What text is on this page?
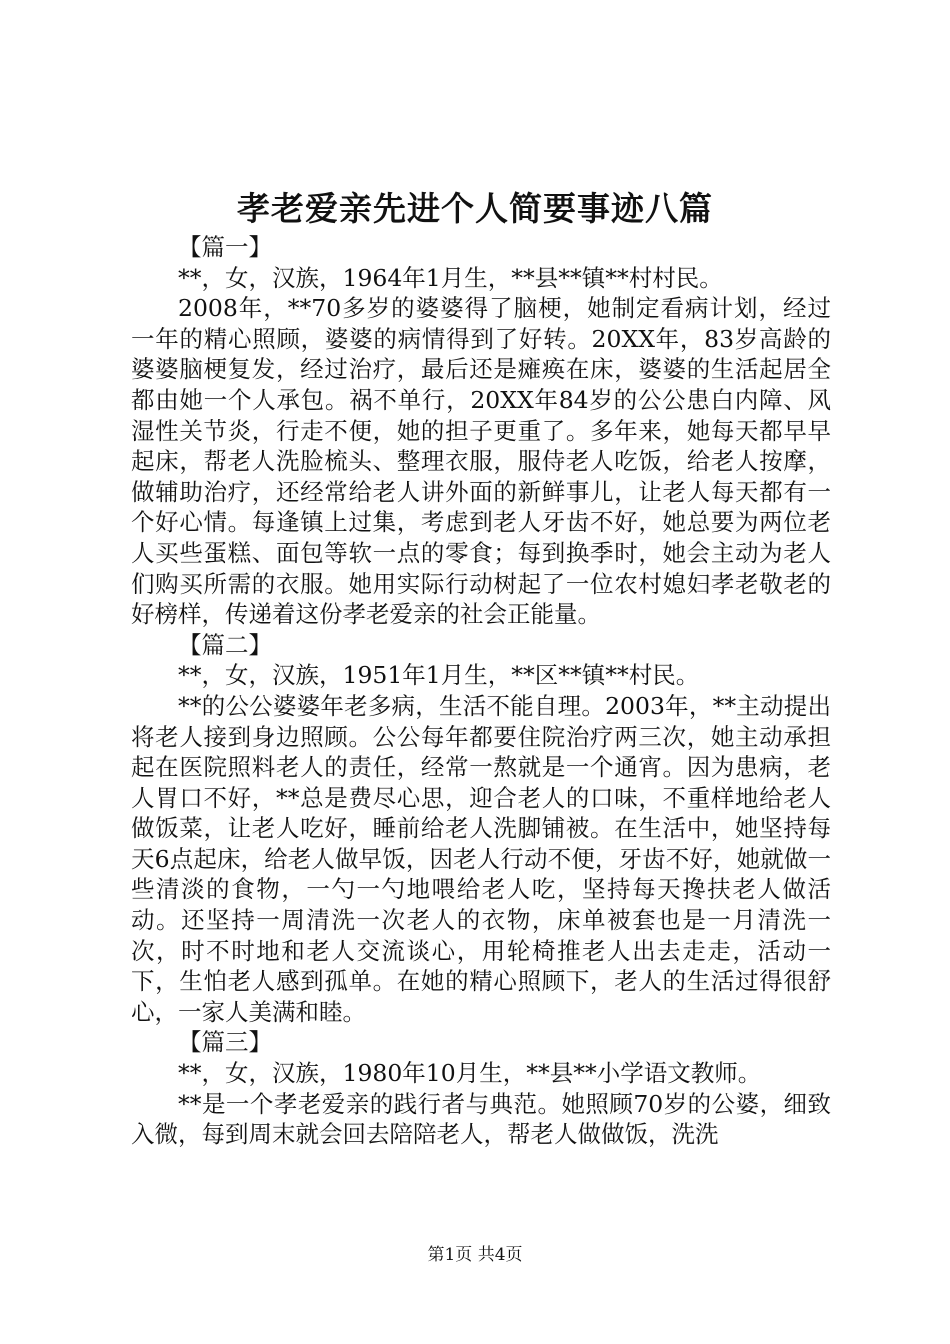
孝老爱亲先进个人简要事迹八篇

【篇一】

**，女，汉族，1964年1月生，**县**镇**村村民。

2008年，**70多岁的婆婆得了脑梗，她制定看病计划，经过一年的精心照顾，婆婆的病情得到了好转。20XX年，83岁高龄的婆婆脑梗复发，经过治疗，最后还是瘫痪在床，婆婆的生活起居全都由她一个人承包。祸不单行，20XX年84岁的公公患白内障、风湿性关节炎，行走不便，她的担子更重了。多年来，她每天都早早起床，帮老人洗脸梳头、整理衣服，服侍老人吃饭，给老人按摩，做辅助治疗，还经常给老人讲外面的新鲜事儿，让老人每天都有一个好心情。每逢镇上过集，考虑到老人牙齿不好，她总要为两位老人买些蛋糕、面包等软一点的零食；每到换季时，她会主动为老人们购买所需的衣服。她用实际行动树起了一位农村媳妇孝老敬老的好榜样，传递着这份孝老爱亲的社会正能量。

【篇二】

**，女，汉族，1951年1月生，**区**镇**村民。

**的公公婆婆年老多病，生活不能自理。2003年，**主动提出将老人接到身边照顾。公公每年都要住院治疗两三次，她主动承担起在医院照料老人的责任，经常一熬就是一个通宵。因为患病，老人胃口不好，**总是费尽心思，迎合老人的口味，不重样地给老人做饭菜，让老人吃好，睡前给老人洗脚铺被。在生活中，她坚持每天6点起床，给老人做早饭，因老人行动不便，牙齿不好，她就做一些清淡的食物，一勺一勺地喂给老人吃，坚持每天搀扶老人做活动。还坚持一周清洗一次老人的衣物，床单被套也是一月清洗一次，时不时地和老人交流谈心，用轮椅推老人出去走走，活动一下，生怕老人感到孤单。在她的精心照顾下，老人的生活过得很舒心，一家人美满和睦。

【篇三】

**，女，汉族，1980年10月生，**县**小学语文教师。

**是一个孝老爱亲的践行者与典范。她照顾70岁的公婆，细致入微，每到周末就会回去陪陪老人，帮老人做做饭，洗洗

第1页 共4页
